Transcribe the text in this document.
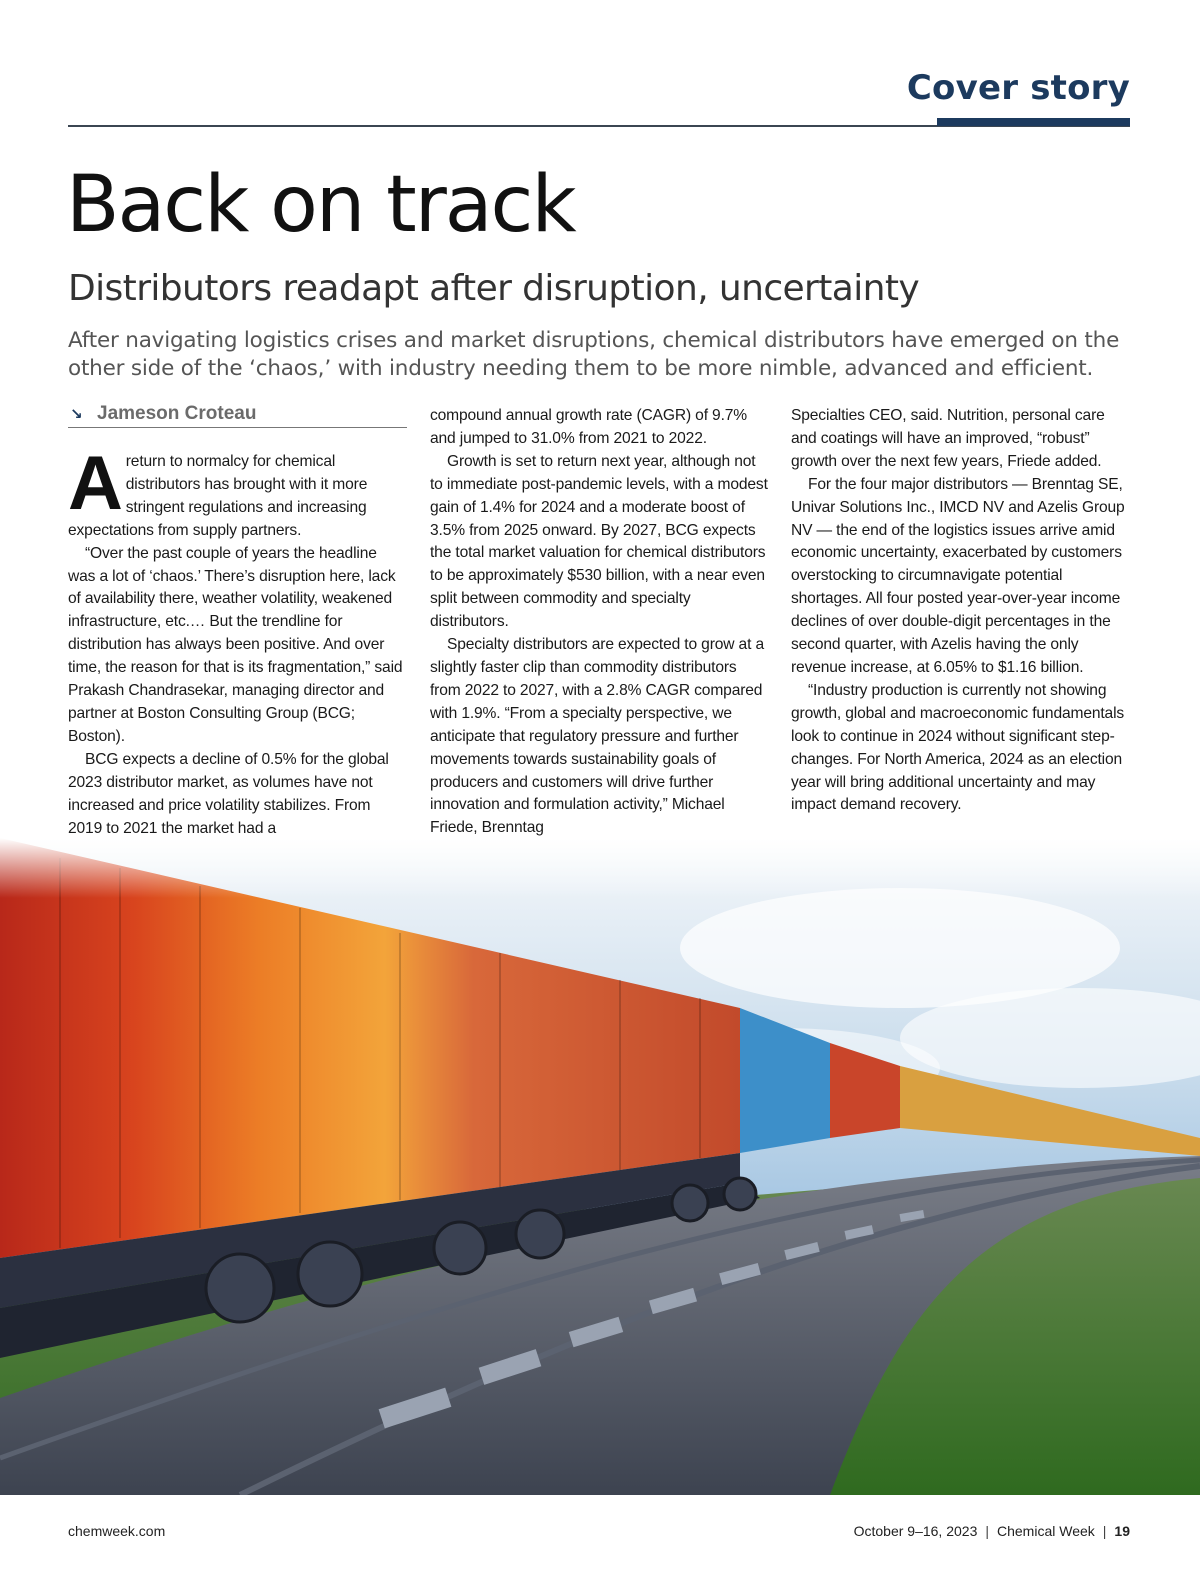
Cover story
Back on track
Distributors readapt after disruption, uncertainty

After navigating logistics crises and market disruptions, chemical distributors have emerged on the other side of the ‘chaos,’ with industry needing them to be more nimble, advanced and efficient.

↘ Jameson Croteau

A return to normalcy for chemical distributors has brought with it more stringent regulations and increasing expectations from supply partners.

“Over the past couple of years the headline was a lot of ‘chaos.’ There’s disruption here, lack of availability there, weather volatility, weakened infrastructure, etc.… But the trendline for distribution has always been positive. And over time, the reason for that is its fragmentation,” said Prakash Chandrasekar, managing director and partner at Boston Consulting Group (BCG; Boston).

BCG expects a decline of 0.5% for the global 2023 distributor market, as volumes have not increased and price volatility stabilizes. From 2019 to 2021 the market had a

compound annual growth rate (CAGR) of 9.7% and jumped to 31.0% from 2021 to 2022.

Growth is set to return next year, although not to immediate post-pandemic levels, with a modest gain of 1.4% for 2024 and a moderate boost of 3.5% from 2025 onward. By 2027, BCG expects the total market valuation for chemical distributors to be approximately $530 billion, with a near even split between commodity and specialty distributors.

Specialty distributors are expected to grow at a slightly faster clip than commodity distributors from 2022 to 2027, with a 2.8% CAGR compared with 1.9%. “From a specialty perspective, we anticipate that regulatory pressure and further movements towards sustainability goals of producers and customers will drive further innovation and formulation activity,” Michael Friede, Brenntag

Specialties CEO, said. Nutrition, personal care and coatings will have an improved, “robust” growth over the next few years, Friede added.

For the four major distributors — Brenntag SE, Univar Solutions Inc., IMCD NV and Azelis Group NV — the end of the logistics issues arrive amid economic uncertainty, exacerbated by customers overstocking to circumnavigate potential shortages. All four posted year-over-year income declines of over double-digit percentages in the second quarter, with Azelis having the only revenue increase, at 6.05% to $1.16 billion.

“Industry production is currently not showing growth, global and macroeconomic fundamentals look to continue in 2024 without significant step-changes. For North America, 2024 as an election year will bring additional uncertainty and may impact demand recovery.

chemweek.com	October 9–16, 2023 | Chemical Week | 19
